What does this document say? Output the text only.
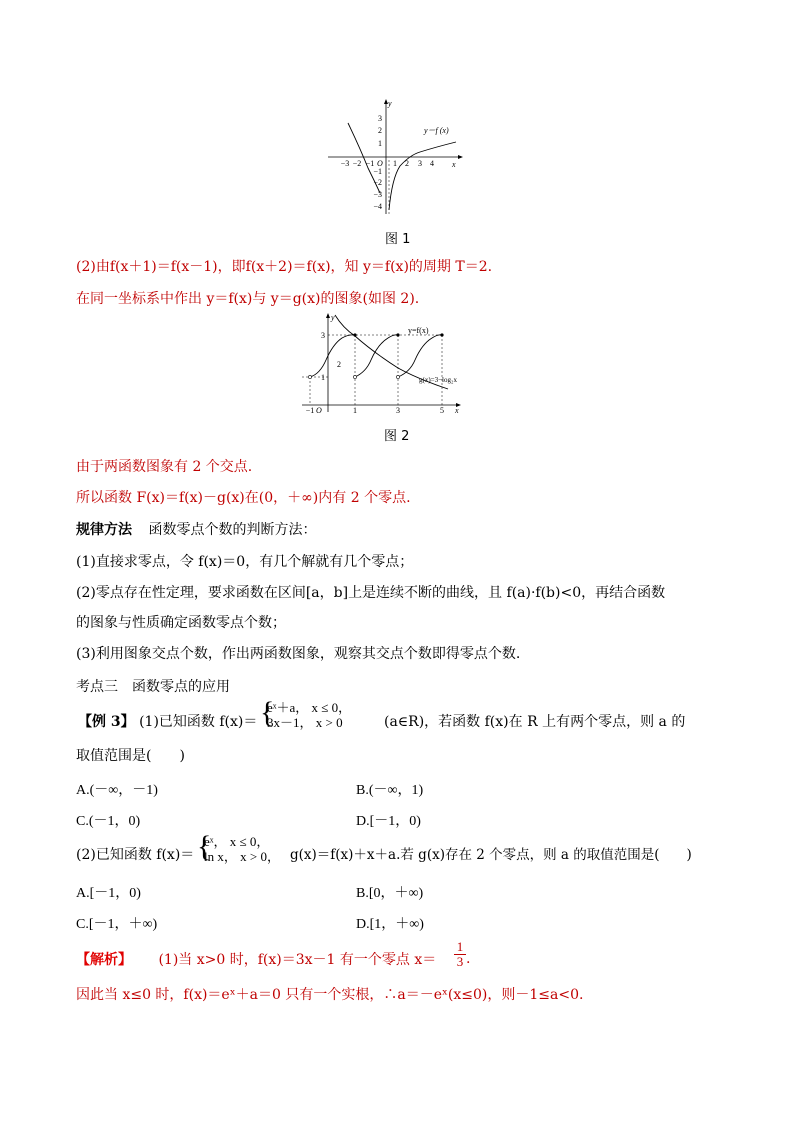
y
x
O
3
2
1
−1
−2
−3
−4
−3 −2 −1 1 2 3 4
y＝f (x)
图 1
(2)由f(x＋1)＝f(x－1)，即f(x＋2)＝f(x)，知 y＝f(x)的周期 T＝2.
在同一坐标系中作出 y＝f(x)与 y＝g(x)的图象(如图 2).
y
x
O
3
2
1
−1	1	3	5
y=f(x)
g(x)=3−log₂x
图 2
由于两函数图象有 2 个交点.
所以函数 F(x)＝f(x)－g(x)在(0，＋∞)内有 2 个零点.
规律方法 函数零点个数的判断方法：
(1)直接求零点，令 f(x)＝0，有几个解就有几个零点；
(2)零点存在性定理，要求函数在区间[a，b]上是连续不断的曲线，且 f(a)·f(b)<0，再结合函数
的图象与性质确定函数零点个数；
(3)利用图象交点个数，作出两函数图象，观察其交点个数即得零点个数.
考点三　函数零点的应用
【例 3】 (1)已知函数 f(x)＝ {
eˣ＋a， x ≤ 0，
3x－1， x > 0	(a∈R)，若函数 f(x)在 R 上有两个零点，则 a 的
取值范围是(　　)
A.(－∞，－1)	B.(－∞，1)
C.(－1，0)	D.[－1，0)
(2)已知函数 f(x)＝ {
eˣ， x ≤ 0，
ln x， x > 0， g(x)＝f(x)＋x＋a.若 g(x)存在 2 个零点，则 a 的取值范围是(　　)
A.[－1，0)	B.[0，＋∞)
C.[－1，＋∞)	D.[1，＋∞)
【解析】 (1)当 x>0 时，f(x)＝3x－1 有一个零点 $x= \frac{1}{3}$ .
因此当 x≤0 时，f(x)＝eˣ＋a＝0 只有一个实根，∴a＝－eˣ(x≤0)，则－1≤a<0.
